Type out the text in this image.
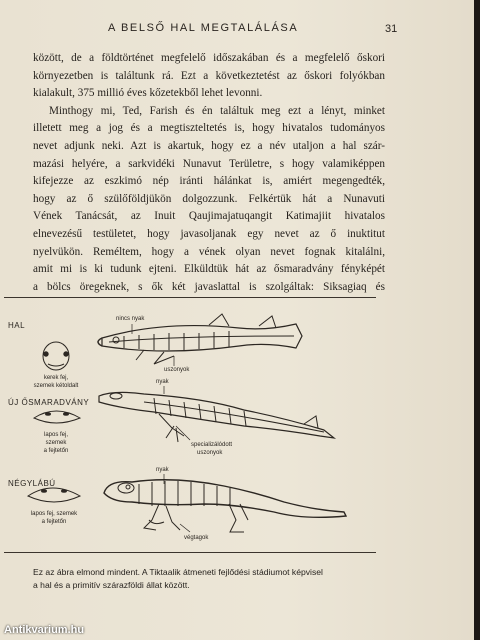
A BELSŐ HAL MEGTALÁLÁSA	31

között, de a földtörténet megfelelő időszakában és a megfelelő őskori
környezetben is találtunk rá. Ezt a következtetést az őskori folyókban
kialakult, 375 millió éves kőzetekből lehet levonni.

Minthogy mi, Ted, Farish és én találtuk meg ezt a lényt, minket
illetett meg a jog és a megtiszteltetés is, hogy hivatalos tudományos
nevet adjunk neki. Azt is akartuk, hogy ez a név utaljon a hal szár-
mazási helyére, a sarkvidéki Nunavut Területre, s hogy valamiképpen
kifejezze az eszkimó nép iránti hálánkat is, amiért megengedték,
hogy az ő szülőföldjükön dolgozzunk. Felkértük hát a Nunavuti
Vének Tanácsát, az Inuit Qaujimajatuqangit Katimajiit hivatalos
elnevezésű testületet, hogy javasoljanak egy nevet az ő inuktitut
nyelvükön. Reméltem, hogy a vének olyan nevet fognak kitalálni,
amit mi is ki tudunk ejteni. Elküldtük hát az ősmaradvány fényképét
a bölcs öregeknek, s ők két javaslattal is szolgáltak: Siksagiaq és

HAL
ÚJ ŐSMARADVÁNY
NÉGYLÁBÚ
nincs nyak
uszonyok
nyak
specializálódott
uszonyok
nyak
végtagok
kerek fej,
szemek kétoldalt
lapos fej,
szemek
a fejtetőn
lapos fej, szemek
a fejtetőn
Ez az ábra elmond mindent. A Tiktaalik átmeneti fejlődési stádiumot képvisel
a hal és a primitív szárazföldi állat között.
Antikvarium.hu
